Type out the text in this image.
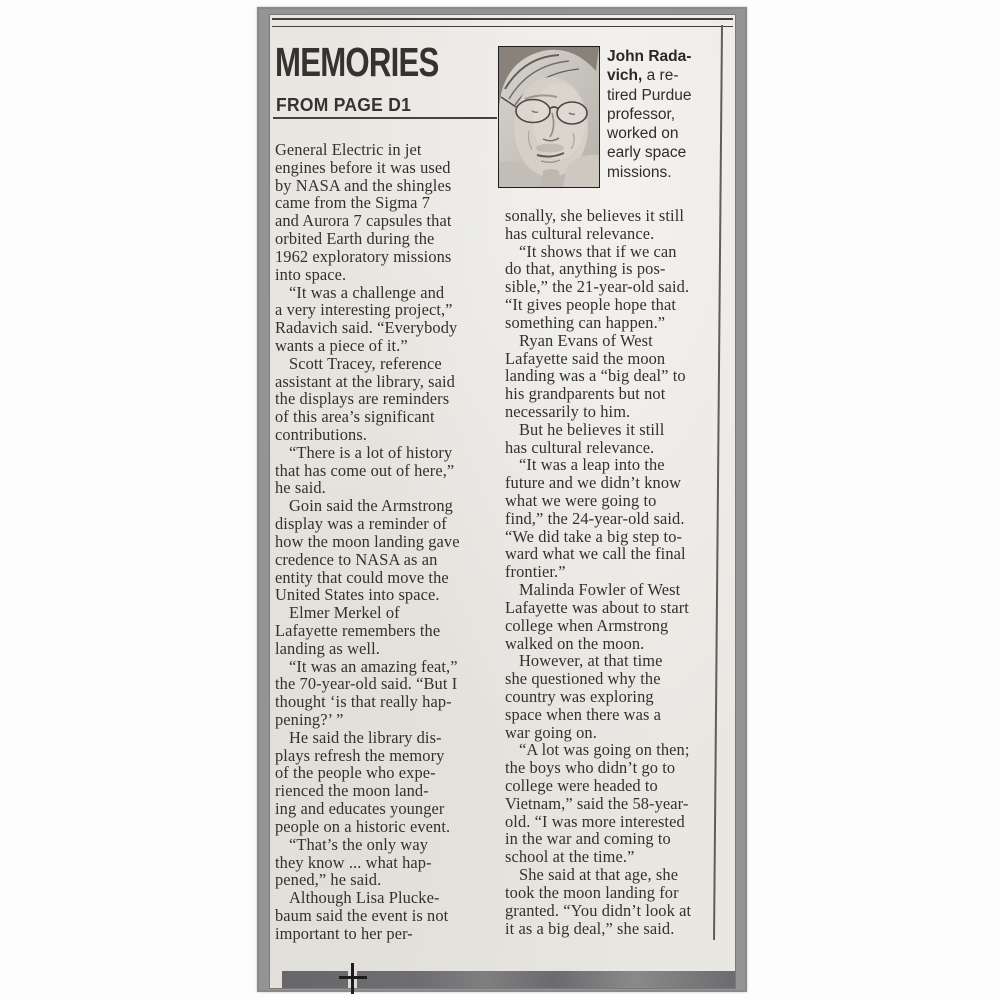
MEMORIES
FROM PAGE D1
John Rada-
vich, a re-
tired Purdue
professor,
worked on
early space
missions.
General Electric in jet
engines before it was used
by NASA and the shingles
came from the Sigma 7
and Aurora 7 capsules that
orbited Earth during the
1962 exploratory missions
into space.
“It was a challenge and
a very interesting project,”
Radavich said. “Everybody
wants a piece of it.”
Scott Tracey, reference
assistant at the library, said
the displays are reminders
of this area’s significant
contributions.
“There is a lot of history
that has come out of here,”
he said.
Goin said the Armstrong
display was a reminder of
how the moon landing gave
credence to NASA as an
entity that could move the
United States into space.
Elmer Merkel of
Lafayette remembers the
landing as well.
“It was an amazing feat,”
the 70-year-old said. “But I
thought ‘is that really hap-
pening?’ ”
He said the library dis-
plays refresh the memory
of the people who expe-
rienced the moon land-
ing and educates younger
people on a historic event.
“That’s the only way
they know ... what hap-
pened,” he said.
Although Lisa Plucke-
baum said the event is not
important to her per-
sonally, she believes it still
has cultural relevance.
“It shows that if we can
do that, anything is pos-
sible,” the 21-year-old said.
“It gives people hope that
something can happen.”
Ryan Evans of West
Lafayette said the moon
landing was a “big deal” to
his grandparents but not
necessarily to him.
But he believes it still
has cultural relevance.
“It was a leap into the
future and we didn’t know
what we were going to
find,” the 24-year-old said.
“We did take a big step to-
ward what we call the final
frontier.”
Malinda Fowler of West
Lafayette was about to start
college when Armstrong
walked on the moon.
However, at that time
she questioned why the
country was exploring
space when there was a
war going on.
“A lot was going on then;
the boys who didn’t go to
college were headed to
Vietnam,” said the 58-year-
old. “I was more interested
in the war and coming to
school at the time.”
She said at that age, she
took the moon landing for
granted. “You didn’t look at
it as a big deal,” she said.
